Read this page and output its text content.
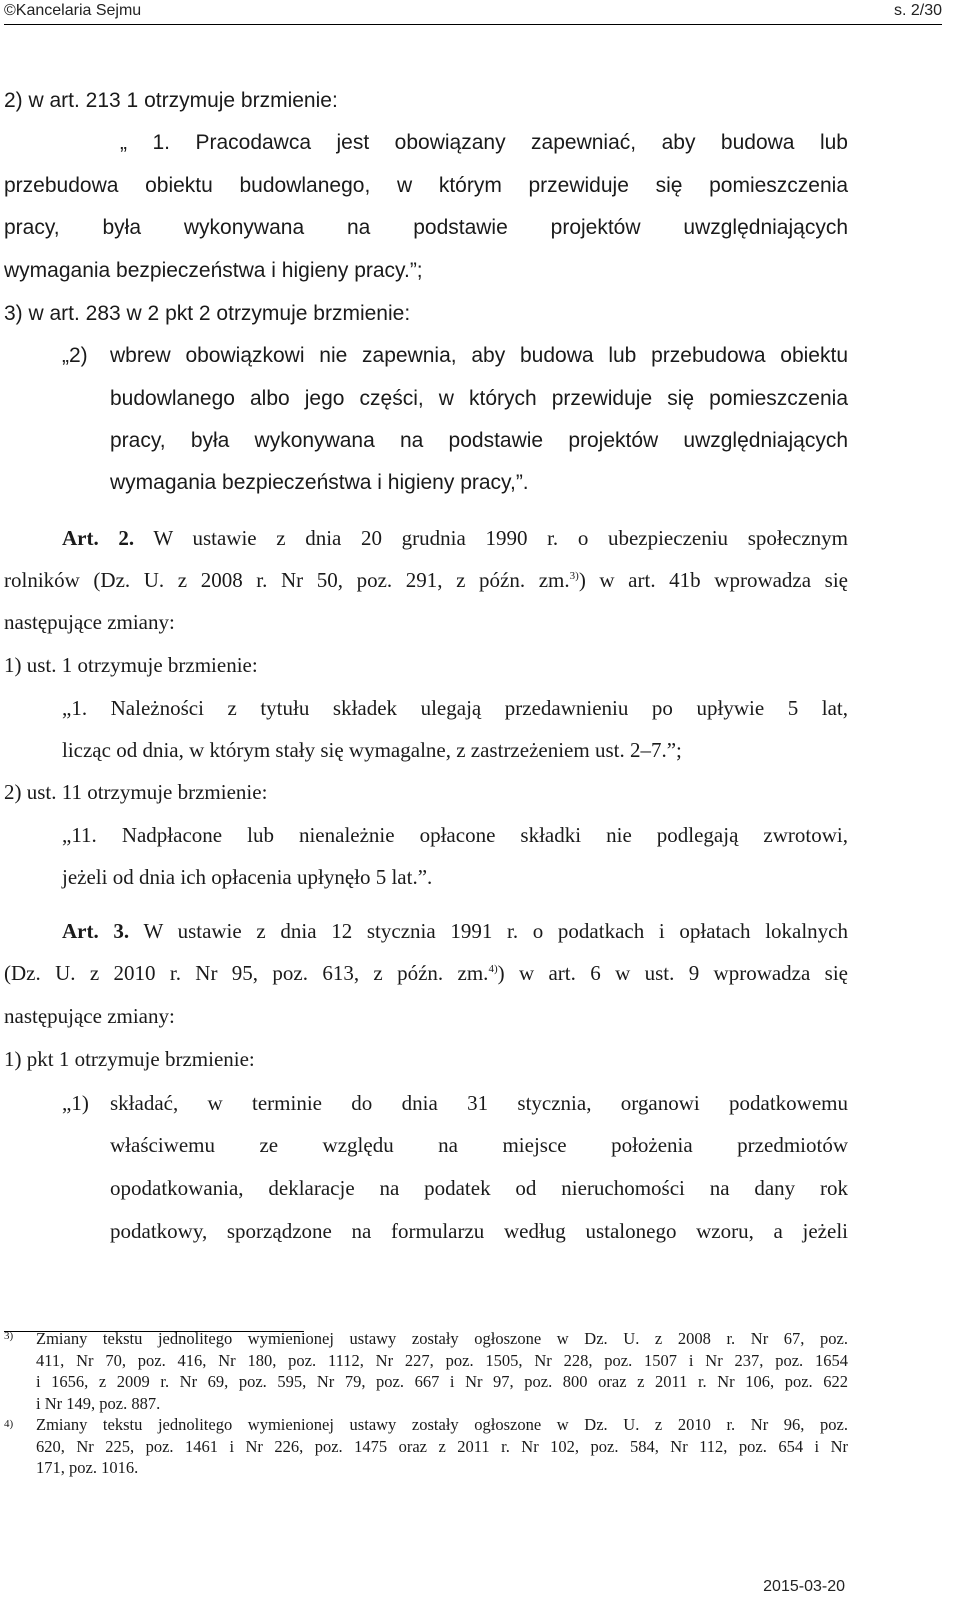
©Kancelaria Sejmu	s. 2/30
2) w art. 213 1 otrzymuje brzmienie:
„ 1. Pracodawca jest obowiązany zapewniać, aby budowa lub
przebudowa obiektu budowlanego, w którym przewiduje się pomieszczenia
pracy, była wykonywana na podstawie projektów uwzględniających
wymagania bezpieczeństwa i higieny pracy.”;
3) w art. 283 w 2 pkt 2 otrzymuje brzmienie:
„2) wbrew obowiązkowi nie zapewnia, aby budowa lub przebudowa obiektu
budowlanego albo jego części, w których przewiduje się pomieszczenia
pracy, była wykonywana na podstawie projektów uwzględniających
wymagania bezpieczeństwa i higieny pracy,”.
Art. 2. W ustawie z dnia 20 grudnia 1990 r. o ubezpieczeniu społecznym
rolników (Dz. U. z 2008 r. Nr 50, poz. 291, z późn. zm.$^{3)}$) w art. 41b wprowadza się
następujące zmiany:
1) ust. 1 otrzymuje brzmienie:
„1. Należności z tytułu składek ulegają przedawnieniu po upływie 5 lat,
licząc od dnia, w którym stały się wymagalne, z zastrzeżeniem ust. 2–7.”;
2) ust. 11 otrzymuje brzmienie:
„11. Nadpłacone lub nienależnie opłacone składki nie podlegają zwrotowi,
jeżeli od dnia ich opłacenia upłynęło 5 lat.”.
Art. 3. W ustawie z dnia 12 stycznia 1991 r. o podatkach i opłatach lokalnych
(Dz. U. z 2010 r. Nr 95, poz. 613, z późn. zm.$^{4)}$) w art. 6 w ust. 9 wprowadza się
następujące zmiany:
1) pkt 1 otrzymuje brzmienie:
„1) składać, w terminie do dnia 31 stycznia, organowi podatkowemu
właściwemu ze względu na miejsce położenia przedmiotów
opodatkowania, deklaracje na podatek od nieruchomości na dany rok
podatkowy, sporządzone na formularzu według ustalonego wzoru, a jeżeli
3) Zmiany tekstu jednolitego wymienionej ustawy zostały ogłoszone w Dz. U. z 2008 r. Nr 67, poz.
411, Nr 70, poz. 416, Nr 180, poz. 1112, Nr 227, poz. 1505, Nr 228, poz. 1507 i Nr 237, poz. 1654
i 1656, z 2009 r. Nr 69, poz. 595, Nr 79, poz. 667 i Nr 97, poz. 800 oraz z 2011 r. Nr 106, poz. 622
i Nr 149, poz. 887.
4) Zmiany tekstu jednolitego wymienionej ustawy zostały ogłoszone w Dz. U. z 2010 r. Nr 96, poz.
620, Nr 225, poz. 1461 i Nr 226, poz. 1475 oraz z 2011 r. Nr 102, poz. 584, Nr 112, poz. 654 i Nr
171, poz. 1016.
2015-03-20
